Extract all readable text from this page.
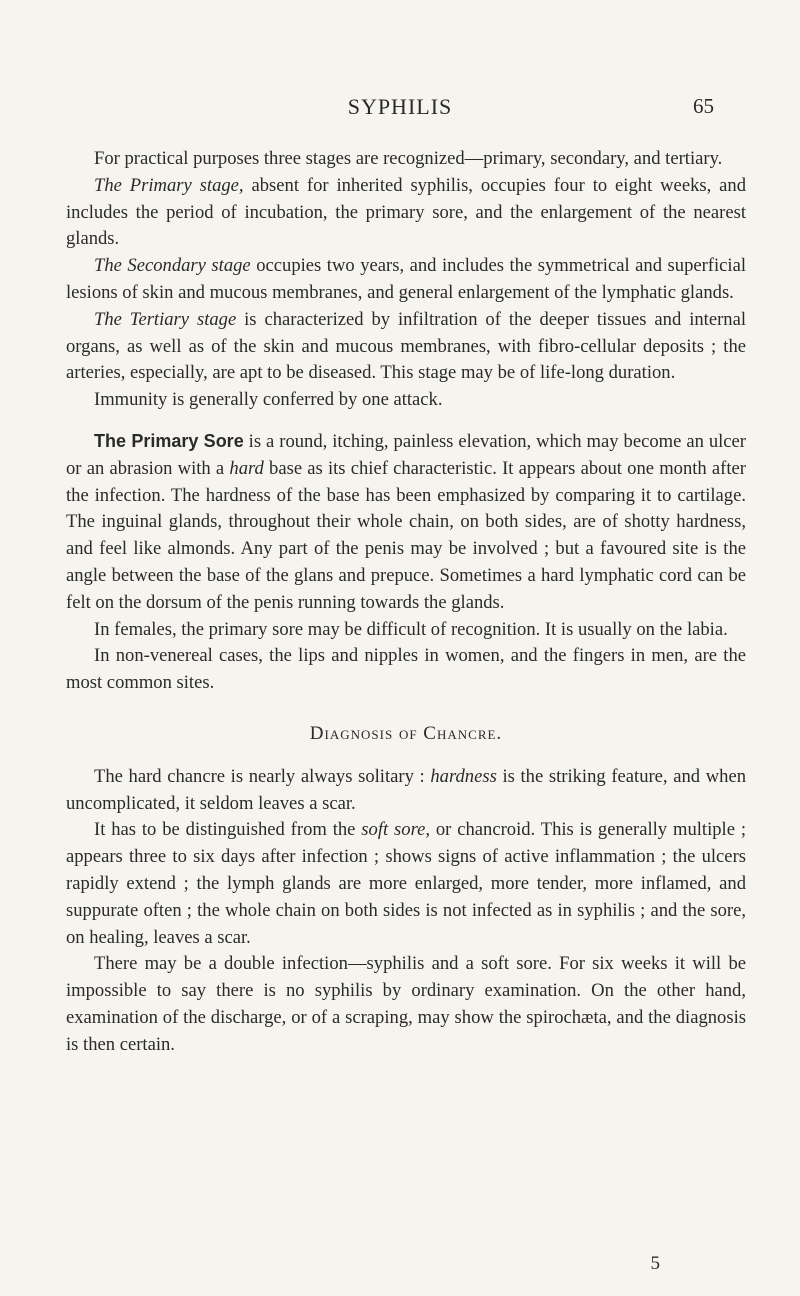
SYPHILIS	65

For practical purposes three stages are recognized—primary, secondary, and tertiary.

The Primary stage, absent for inherited syphilis, occupies four to eight weeks, and includes the period of incubation, the primary sore, and the enlargement of the nearest glands.

The Secondary stage occupies two years, and includes the symmetrical and superficial lesions of skin and mucous membranes, and general enlargement of the lymphatic glands.

The Tertiary stage is characterized by infiltration of the deeper tissues and internal organs, as well as of the skin and mucous membranes, with fibro-cellular deposits ; the arteries, especially, are apt to be diseased. This stage may be of life-long duration.

Immunity is generally conferred by one attack.

The Primary Sore is a round, itching, painless elevation, which may become an ulcer or an abrasion with a hard base as its chief characteristic. It appears about one month after the infection. The hardness of the base has been emphasized by comparing it to cartilage. The inguinal glands, throughout their whole chain, on both sides, are of shotty hardness, and feel like almonds. Any part of the penis may be involved ; but a favoured site is the angle between the base of the glans and prepuce. Sometimes a hard lymphatic cord can be felt on the dorsum of the penis running towards the glands.

In females, the primary sore may be difficult of recognition. It is usually on the labia.

In non-venereal cases, the lips and nipples in women, and the fingers in men, are the most common sites.

Diagnosis of Chancre.

The hard chancre is nearly always solitary : hardness is the striking feature, and when uncomplicated, it seldom leaves a scar.

It has to be distinguished from the soft sore, or chancroid. This is generally multiple ; appears three to six days after infection ; shows signs of active inflammation ; the ulcers rapidly extend ; the lymph glands are more enlarged, more tender, more inflamed, and suppurate often ; the whole chain on both sides is not infected as in syphilis ; and the sore, on healing, leaves a scar.

There may be a double infection—syphilis and a soft sore. For six weeks it will be impossible to say there is no syphilis by ordinary examination. On the other hand, examination of the discharge, or of a scraping, may show the spirochæta, and the diagnosis is then certain.

5
